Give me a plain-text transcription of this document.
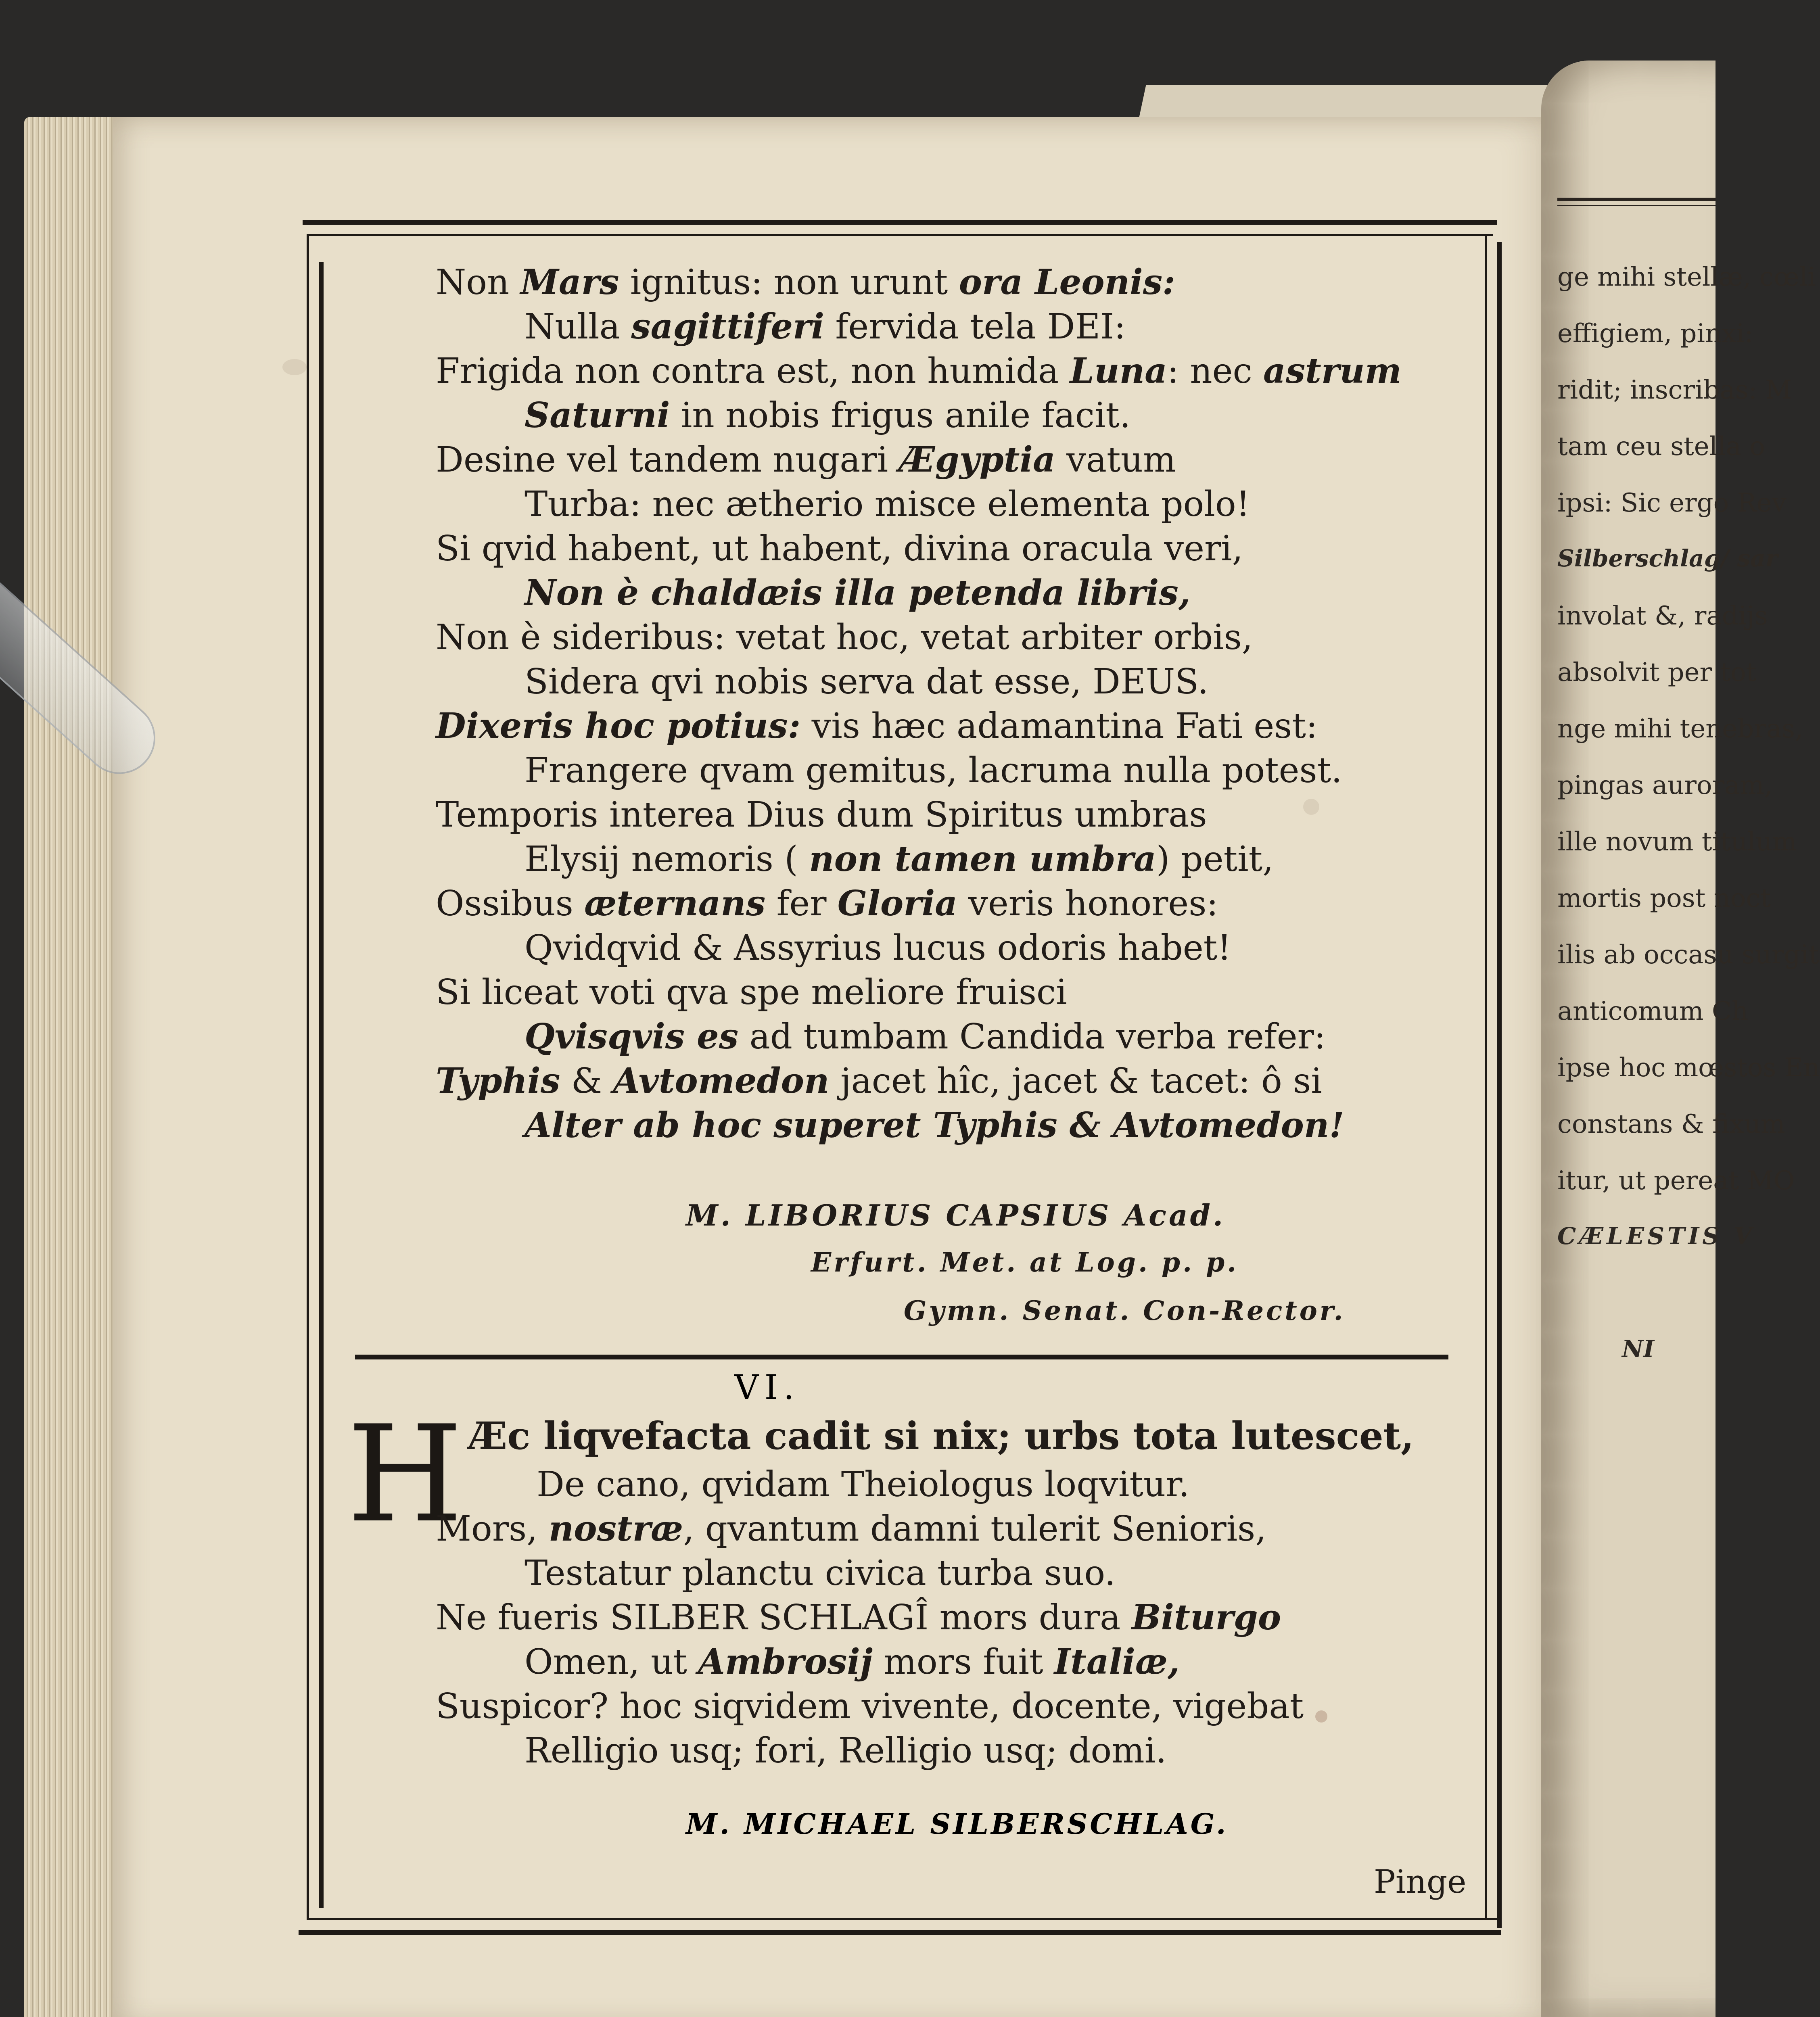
Non Mars ignitus: non urunt ora Leonis:
Nulla sagittiferi fervida tela DEI:
Frigida non contra est, non humida Luna: nec astrum
Saturni in nobis frigus anile facit.
Desine vel tandem nugari Ægyptia vatum
Turba: nec ætherio misce elementa polo!
Si qvid habent, ut habent, divina oracula veri,
Non è chaldæis illa petenda libris,
Non è sideribus: vetat hoc, vetat arbiter orbis,
Sidera qvi nobis serva dat esse, DEUS.
Dixeris hoc potius: vis hæc adamantina Fati est:
Frangere qvam gemitus, lacruma nulla potest.
Temporis interea Dius dum Spiritus umbras
Elysij nemoris ( non tamen umbra) petit,
Ossibus æternans fer Gloria veris honores:
Qvidqvid & Assyrius lucus odoris habet!
Si liceat voti qva spe meliore fruisci
Qvisqvis es ad tumbam Candida verba refer:
Typhis & Avtomedon jacet hîc, jacet & tacet: ô si
Alter ab hoc superet Typhis & Avtomedon!
M. LIBORIUS CAPSIUS Acad.
Erfurt. Met. at Log. p. p.
Gymn. Senat. Con-Rector.
VI.
H Æc liqvefacta cadit si nix; urbs tota lutescet,
De cano, qvidam Theiologus loqvitur.
Mors, nostræ, qvantum damni tulerit Senioris,
Testatur planctu civica turba suo.
Ne fueris SILBER SCHLAGÎ mors dura Biturgo
Omen, ut Ambrosij mors fuit Italiæ,
Suspicor? hoc siqvidem vivente, docente, vigebat
Relligio usq; fori, Relligio usq; domi.
M. MICHAEL SILBERSCHLAG.
Pinge
ge mihi stellæ, cœli
effigiem, pinxi:
ridit; inscribas: M
tam ceu stella o
ipsi: Sic ergo Rev
Silberschlag/ sar
involat &, radijs
absolvit per tot
nge mihi tenebras,
pingas auroram,
ille novum titulum
mortis post noct
ilis ab occasu surgit
anticomum Ch
ipse hoc mœstos En
constans & fixum
itur, ut pereat MO
CÆLESTIS V
NI
